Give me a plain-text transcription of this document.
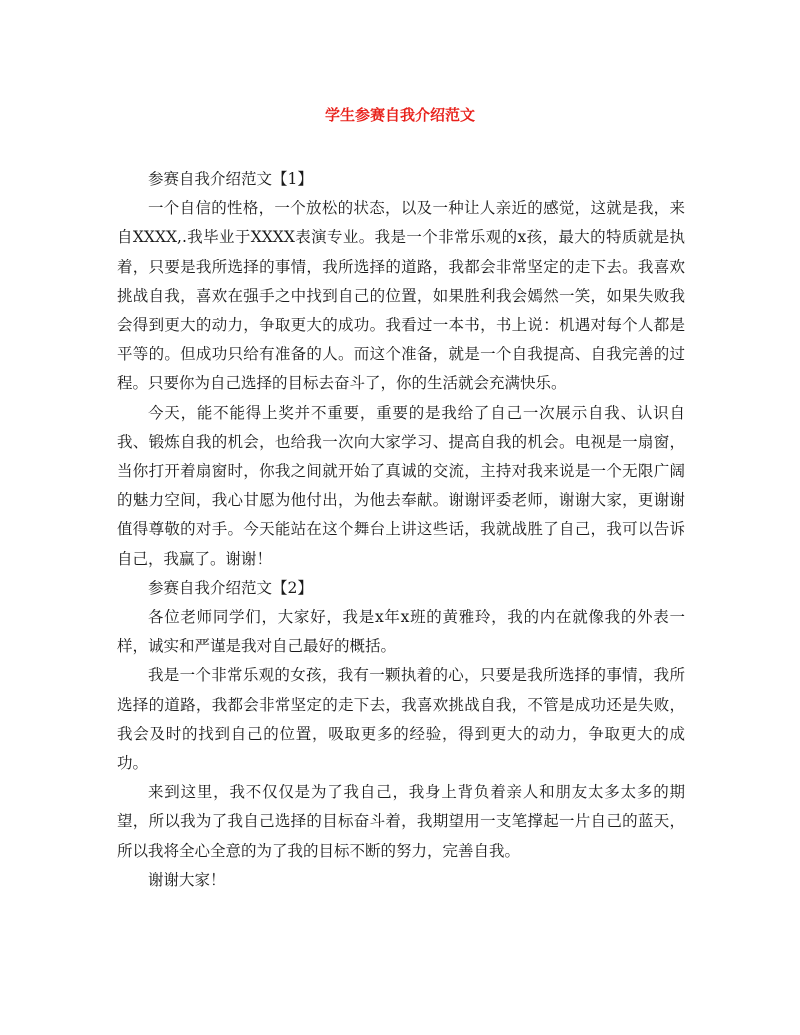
学生参赛自我介绍范文

参赛自我介绍范文【1】

一个自信的性格，一个放松的状态，以及一种让人亲近的感觉，这就是我，来自XXXX,.我毕业于XXXX表演专业。我是一个非常乐观的x孩，最大的特质就是执着，只要是我所选择的事情，我所选择的道路，我都会非常坚定的走下去。我喜欢挑战自我，喜欢在强手之中找到自己的位置，如果胜利我会嫣然一笑，如果失败我会得到更大的动力，争取更大的成功。我看过一本书，书上说：机遇对每个人都是平等的。但成功只给有准备的人。而这个准备，就是一个自我提高、自我完善的过程。只要你为自己选择的目标去奋斗了，你的生活就会充满快乐。

今天，能不能得上奖并不重要，重要的是我给了自己一次展示自我、认识自我、锻炼自我的机会，也给我一次向大家学习、提高自我的机会。电视是一扇窗，当你打开着扇窗时，你我之间就开始了真诚的交流，主持对我来说是一个无限广阔的魅力空间，我心甘愿为他付出，为他去奉献。谢谢评委老师，谢谢大家，更谢谢值得尊敬的对手。今天能站在这个舞台上讲这些话，我就战胜了自己，我可以告诉自己，我赢了。谢谢！

参赛自我介绍范文【2】

各位老师同学们，大家好，我是x年x班的黄雅玲，我的内在就像我的外表一样，诚实和严谨是我对自己最好的概括。

我是一个非常乐观的女孩，我有一颗执着的心，只要是我所选择的事情，我所选择的道路，我都会非常坚定的走下去，我喜欢挑战自我，不管是成功还是失败，我会及时的找到自己的位置，吸取更多的经验，得到更大的动力，争取更大的成功。

来到这里，我不仅仅是为了我自己，我身上背负着亲人和朋友太多太多的期望，所以我为了我自己选择的目标奋斗着，我期望用一支笔撑起一片自己的蓝天，所以我将全心全意的为了我的目标不断的努力，完善自我。

谢谢大家！
